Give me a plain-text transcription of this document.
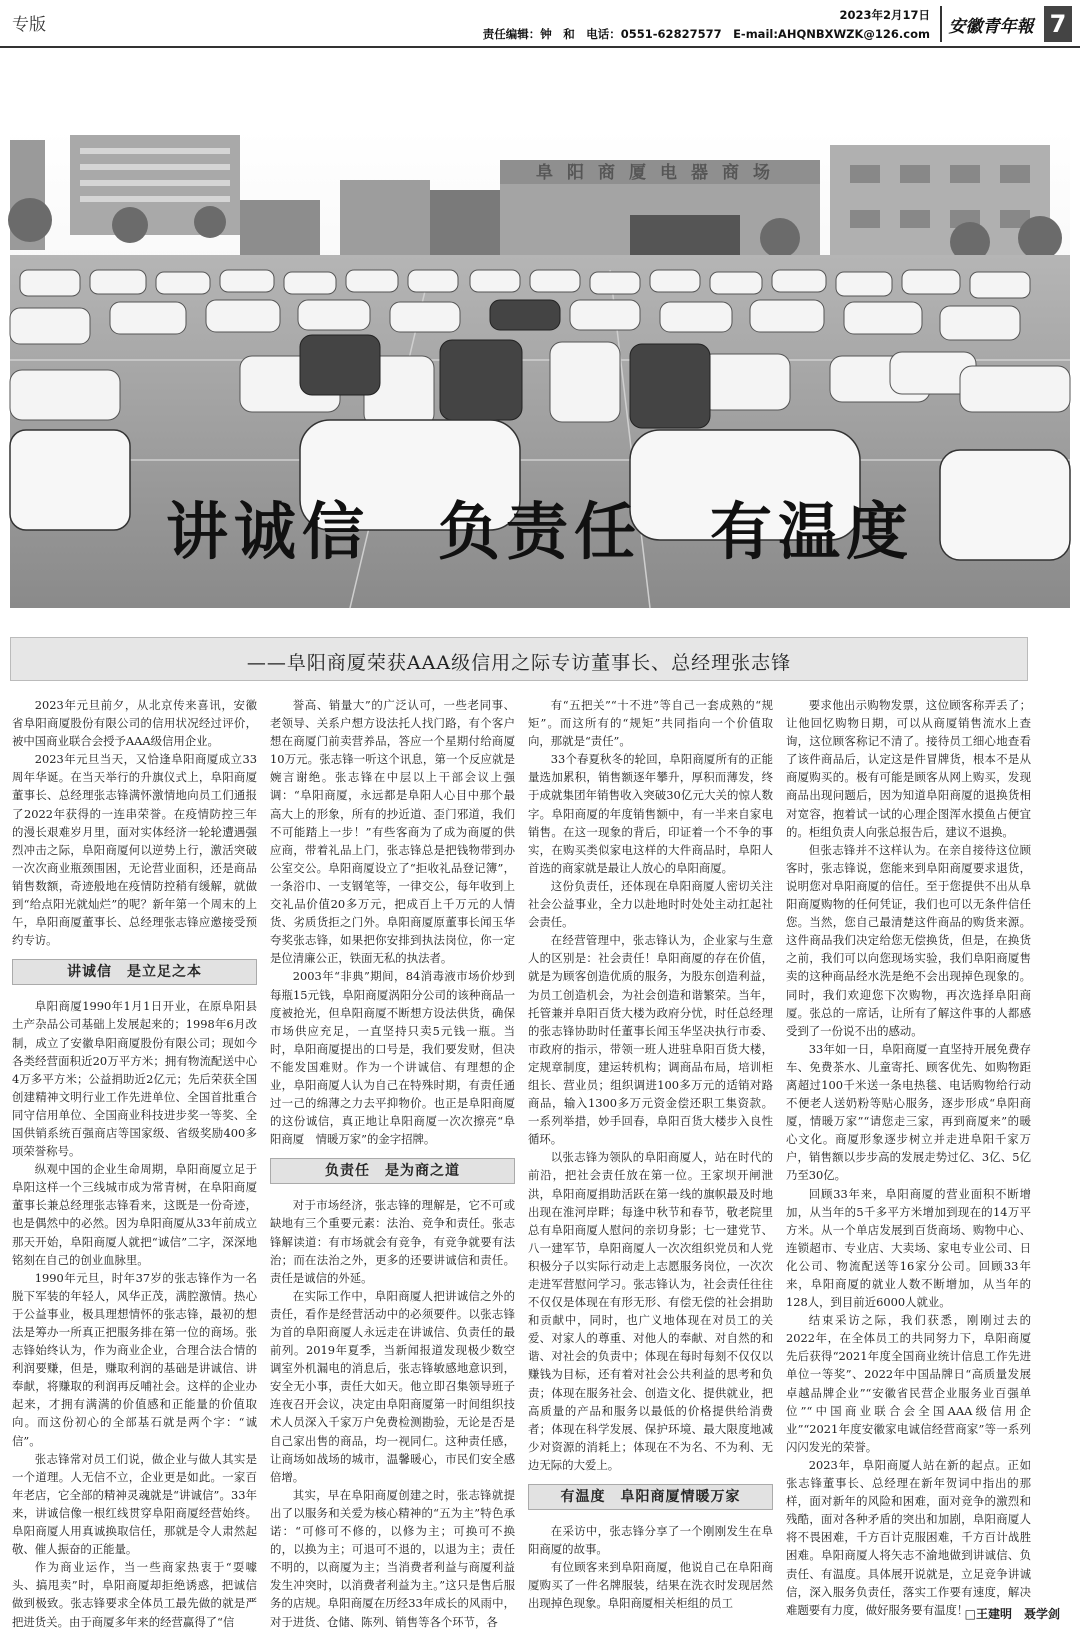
专版	2023年2月17日
责任编辑：钟　和　电话：0551-62827577　E-mail:AHQNBXWZK@126.com	安徽青年報 7
阜阳商厦电器商场
讲诚信　负责任　有温度
——阜阳商厦荣获AAA级信用之际专访董事长、总经理张志锋

2023年元旦前夕，从北京传来喜讯，安徽省阜阳商厦股份有限公司的信用状况经过评价，被中国商业联合会授予AAA级信用企业。

2023年元旦当天，又恰逢阜阳商厦成立33周年华诞。在当天举行的升旗仪式上，阜阳商厦董事长、总经理张志锋满怀激情地向员工们通报了2022年获得的一连串荣誉。在疫情防控三年的漫长艰难岁月里，面对实体经济一轮轮遭遇强烈冲击之际，阜阳商厦何以逆势上行，激活突破一次次商业瓶颈围困，无论营业面积，还是商品销售数额，奇迹般地在疫情防控稍有缓解，就做到“给点阳光就灿烂”的呢？新年第一个周末的上午，阜阳商厦董事长、总经理张志锋应邀接受预约专访。

讲诚信　是立足之本

阜阳商厦1990年1月1日开业，在原阜阳县土产杂品公司基础上发展起来的；1998年6月改制，成立了安徽阜阳商厦股份有限公司；现如今各类经营面积近20万平方米；拥有物流配送中心4万多平方米；公益捐助近2亿元；先后荣获全国创建精神文明行业工作先进单位、全国首批重合同守信用单位、全国商业科技进步奖一等奖、全国供销系统百强商店等国家级、省级奖励400多项荣誉称号。

纵观中国的企业生命周期，阜阳商厦立足于阜阳这样一个三线城市成为常青树，在阜阳商厦董事长兼总经理张志锋看来，这既是一份奇迹，也是偶然中的必然。因为阜阳商厦从33年前成立那天开始，阜阳商厦人就把“诚信”二字，深深地铭刻在自己的创业血脉里。

1990年元旦，时年37岁的张志锋作为一名脱下军装的年轻人，风华正茂，满腔激情。热心于公益事业，极具理想情怀的张志锋，最初的想法是筹办一所真正把服务排在第一位的商场。张志锋始终认为，作为商业企业，合理合法合情的利润要赚，但是，赚取利润的基础是讲诚信、讲奉献，将赚取的利润再反哺社会。这样的企业办起来，才拥有满满的价值感和正能量的价值取向。而这份初心的全部基石就是两个字：“诚信”。

张志锋常对员工们说，做企业与做人其实是一个道理。人无信不立，企业更是如此。一家百年老店，它全部的精神灵魂就是“讲诚信”。33年来，讲诚信像一根红线贯穿阜阳商厦经营始终。阜阳商厦人用真诚换取信任，那就是令人肃然起敬、催人振奋的正能量。

作为商业运作，当一些商家热衷于“耍噱头、搞甩卖”时，阜阳商厦却拒绝诱惑，把诚信做到极致。张志锋要求全体员工最先做的就是严把进货关。由于商厦多年来的经营赢得了“信

誉高、销量大”的广泛认可，一些老同事、老领导、关系户想方设法托人找门路，有个客户想在商厦门前卖营养品，答应一个星期付给商厦10万元。张志锋一听这个讯息，第一个反应就是婉言谢绝。张志锋在中层以上干部会议上强调：“阜阳商厦，永远都是阜阳人心目中那个最高大上的形象，所有的抄近道、歪门邪道，我们不可能踏上一步！”有些客商为了成为商厦的供应商，带着礼品上门，张志锋总是把钱物带到办公室交公。阜阳商厦设立了“拒收礼品登记簿”，一条浴巾、一支钢笔等，一律交公，每年收到上交礼品价值20多万元，把成百上千万元的人情货、劣质货拒之门外。阜阳商厦原董事长闻玉华夸奖张志锋，如果把你安排到执法岗位，你一定是位清廉公正，铁面无私的执法者。

2003年“非典”期间，84消毒液市场价炒到每瓶15元钱，阜阳商厦涡阳分公司的该种商品一度被抢光，但阜阳商厦不断想方设法供货，确保市场供应充足，一直坚持只卖5元钱一瓶。当时，阜阳商厦提出的口号是，我们要发财，但决不能发国难财。作为一个讲诚信、有理想的企业，阜阳商厦人认为自己在特殊时期，有责任通过一己的绵薄之力去平抑物价。也正是阜阳商厦的这份诚信，真正地让阜阳商厦一次次擦亮“阜阳商厦　情暖万家”的金字招牌。

负责任　是为商之道

对于市场经济，张志锋的理解是，它不可或缺地有三个重要元素：法治、竞争和责任。张志锋解读道：有市场就会有竞争，有竞争就要有法治；而在法治之外，更多的还要讲诚信和责任。责任是诚信的外延。

在实际工作中，阜阳商厦人把讲诚信之外的责任，看作是经营活动中的必须要件。以张志锋为首的阜阳商厦人永远走在讲诚信、负责任的最前列。2019年夏季，当新闻报道发现极少数空调室外机漏电的消息后，张志锋敏感地意识到，安全无小事，责任大如天。他立即召集领导班子连夜召开会议，决定由阜阳商厦第一时间组织技术人员深入千家万户免费检测勘验，无论是否是自己家出售的商品，均一视同仁。这种责任感，让商场如战场的城市，温馨暖心，市民们安全感倍增。

其实，早在阜阳商厦创建之时，张志锋就提出了以服务和关爱为核心精神的“五为主”特色承诺：“可修可不修的，以修为主；可换可不换的，以换为主；可退可不退的，以退为主；责任不明的，以商厦为主；当消费者利益与商厦利益发生冲突时，以消费者利益为主。”这只是售后服务的店规。阜阳商厦在历经33年成长的风雨中，对于进货、仓储、陈列、销售等各个环节，各

有“五把关”“十不进”等自己一套成熟的“规矩”。而这所有的“规矩”共同指向一个价值取向，那就是“责任”。

33个春夏秋冬的轮回，阜阳商厦所有的正能量选加累积，销售额逐年攀升，厚积而薄发，终于成就集团年销售收入突破30亿元大关的惊人数字。阜阳商厦的年度销售额中，有一半来自家电销售。在这一现象的背后，印证着一个不争的事实，在购买类似家电这样的大件商品时，阜阳人首选的商家就是最让人放心的阜阳商厦。

这份负责任，还体现在阜阳商厦人密切关注社会公益事业，全力以赴地时时处处主动扛起社会责任。

在经营管理中，张志锋认为，企业家与生意人的区别是：社会责任！阜阳商厦的存在价值，就是为顾客创造优质的服务，为股东创造利益，为员工创造机会，为社会创造和谐繁荣。当年，托管兼并阜阳百货大楼为政府分忧，时任总经理的张志锋协助时任董事长闻玉华坚决执行市委、市政府的指示，带领一班人进驻阜阳百货大楼，定规章制度，建运转机构；调商品布局，培训柜组长、营业员；组织调进100多万元的适销对路商品，输入1300多万元资金偿还职工集资款。一系列举措，妙手回春，阜阳百货大楼步入良性循环。

以张志锋为领队的阜阳商厦人，站在时代的前沿，把社会责任放在第一位。王家坝开闸泄洪，阜阳商厦捐助活跃在第一线的旗帜最及时地出现在淮河岸畔；每逢中秋节和春节，敬老院里总有阜阳商厦人慰问的亲切身影；七一建党节、八一建军节，阜阳商厦人一次次组织党员和人党积极分子以实际行动走上志愿服务岗位，一次次走进军营慰问学习。张志锋认为，社会责任往往不仅仅是体现在有形无形、有偿无偿的社会捐助和贡献中，同时，也广义地体现在对员工的关爱、对家人的尊重、对他人的奉献、对自然的和谐、对社会的负责中；体现在每时每刻不仅仅以赚钱为目标，还有着对社会公共利益的思考和负责；体现在服务社会、创造文化、提供就业，把高质量的产品和服务以最低的价格提供给消费者；体现在科学发展、保护环境、最大限度地减少对资源的消耗上；体现在不为名、不为利、无边无际的大爱上。

有温度　阜阳商厦情暖万家

在采访中，张志锋分享了一个刚刚发生在阜阳商厦的故事。

有位顾客来到阜阳商厦，他说自己在阜阳商厦购买了一件名牌服装，结果在洗衣时发现居然出现掉色现象。阜阳商厦相关柜组的员工

要求他出示购物发票，这位顾客称弄丢了；让他回忆购物日期，可以从商厦销售流水上查询，这位顾客称记不清了。接待员工细心地查看了该件商品后，认定这是件冒牌货，根本不是从商厦购买的。极有可能是顾客从网上购买，发现商品出现问题后，因为知道阜阳商厦的退换货相对宽容，抱着试一试的心理企图浑水摸鱼占便宜的。柜组负责人向张总报告后，建议不退换。

但张志锋并不这样认为。在亲自接待这位顾客时，张志锋说，您能来到阜阳商厦要求退货，说明您对阜阳商厦的信任。至于您提供不出从阜阳商厦购物的任何凭证，我们也可以无条件信任您。当然，您自己最清楚这件商品的购货来源。这件商品我们决定给您无偿换货，但是，在换货之前，我们可以向您现场实验，我们阜阳商厦售卖的这种商品经水洗是绝不会出现掉色现象的。同时，我们欢迎您下次购物，再次选择阜阳商厦。张总的一席话，让所有了解这件事的人都感受到了一份说不出的感动。

33年如一日，阜阳商厦一直坚持开展免费存车、免费茶水、儿童寄托、顾客优先、如购物距离超过100千米送一条电热毯、电话购物给行动不便老人送奶粉等贴心服务，逐步形成“阜阳商厦，情暖万家”“请您走三家，再到商厦来”的暖心文化。商厦形象逐步树立并走进阜阳千家万户，销售额以步步高的发展走势过亿、3亿、5亿乃至30亿。

回顾33年来，阜阳商厦的营业面积不断增加，从当年的5千多平方米增加到现在的14万平方米。从一个单店发展到百货商场、购物中心、连锁超市、专业店、大卖场、家电专业公司、日化公司、物流配送等16家分公司。回顾33年来，阜阳商厦的就业人数不断增加，从当年的128人，到目前近6000人就业。

结束采访之际，我们获悉，刚刚过去的2022年，在全体员工的共同努力下，阜阳商厦先后获得“2021年度全国商业统计信息工作先进单位一等奖”、2022年中国品牌日“高质量发展卓越品牌企业”“安徽省民营企业服务业百强单位”“中国商业联合会全国AAA级信用企业”“2021年度安徽家电诚信经营商家”等一系列闪闪发光的荣誉。

2023年，阜阳商厦人站在新的起点。正如张志锋董事长、总经理在新年贺词中指出的那样，面对新年的风险和困难，面对竞争的激烈和残酷，面对各种矛盾的突出和加剧，阜阳商厦人将不畏困难，千方百计克服困难，千方百计战胜困难。阜阳商厦人将矢志不渝地做到讲诚信、负责任、有温度。具体展开说就是，立足竞争讲诚信，深入服务负责任，落实工作要有速度，解决难题要有力度，做好服务要有温度！

□王建明　聂学剑
